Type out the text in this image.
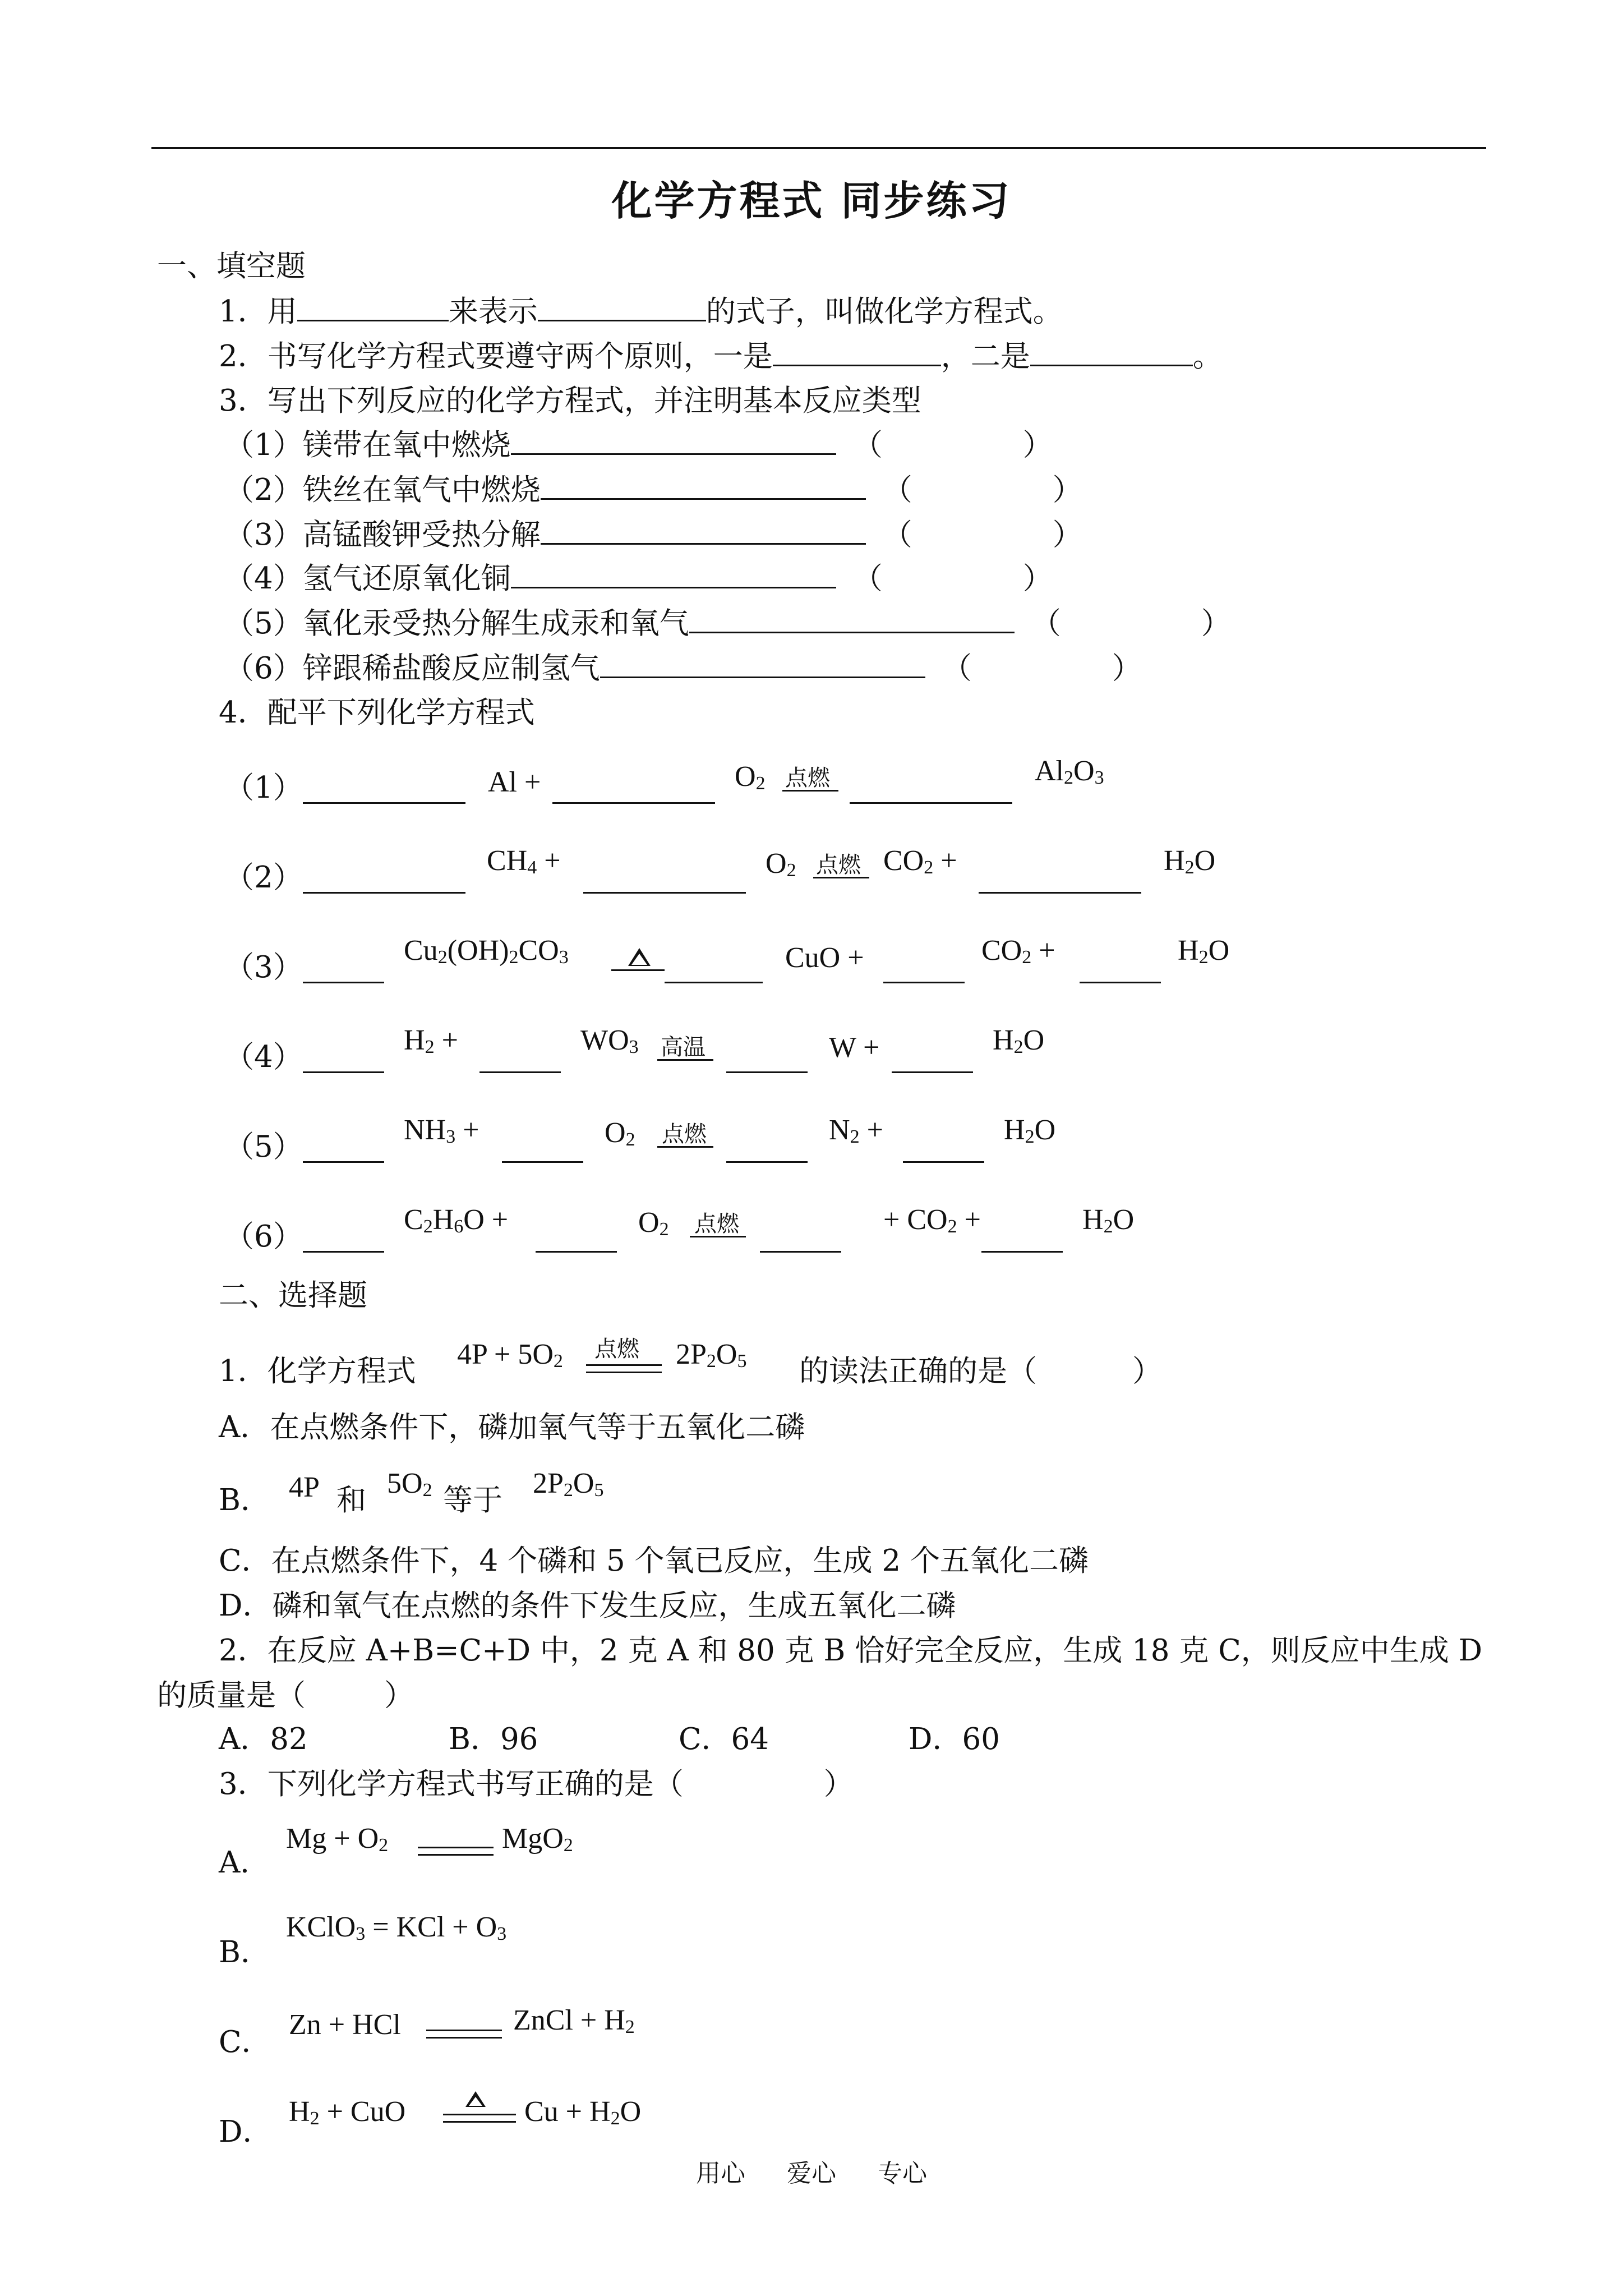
化学方程式 同步练习
一、填空题
1．用	来表示	的式子，叫做化学方程式。
2．书写化学方程式要遵守两个原则，一是	，二是	。
3．写出下列反应的化学方程式，并注明基本反应类型
（1）镁带在氧中燃烧	（	）
（2）铁丝在氧气中燃烧	（	）
（3）高锰酸钾受热分解	（	）
（4）氢气还原氧化铜	（	）
（5）氧化汞受热分解生成汞和氧气	（	）
（6）锌跟稀盐酸反应制氢气	（	）
4．配平下列化学方程式
（1）	Al +	$O_2$ 点燃	$Al_2O_3$
（2）	$CH_4$ +	$O_2$ 点燃 $CO_2$ +	$H_2O$
（3）	$Cu_2(OH)_2CO_3$	CuO +	$CO_2$ +	$H_2O$
（4）	$H_2$ +	$WO_3$ 高温	W +	$H_2O$
（5）	$NH_3$ +	$O_2$ 点燃	$N_2$ +	$H_2O$
（6）	$C_2H_6O$ +	$O_2$ 点燃	+ $CO_2$ +	$H_2O$
二、选择题
1．化学方程式 $4P + 5O_2$ 点燃 $2P_2O_5$ 的读法正确的是（	）
A．在点燃条件下，磷加氧气等于五氧化二磷
B． 4P 和 $5O_2$ 等于 $2P_2O_5$
C．在点燃条件下，4 个磷和 5 个氧已反应，生成 2 个五氧化二磷
D．磷和氧气在点燃的条件下发生反应，生成五氧化二磷
2．在反应 A+B=C+D 中，2 克 A 和 80 克 B 恰好完全反应，生成 18 克 C，则反应中生成 D
的质量是（	）
A．82	B．96	C．64	D．60
3．下列化学方程式书写正确的是（	）
A．
$Mg + O_2$	MgO$_2$
B．
KClO$_3$ = KCl + $O_3$
C．
Zn + HCl	ZnCl + $H_2$
D．
$H_2$ + CuO	$Cu + H_2O$
用心 爱心 专心
